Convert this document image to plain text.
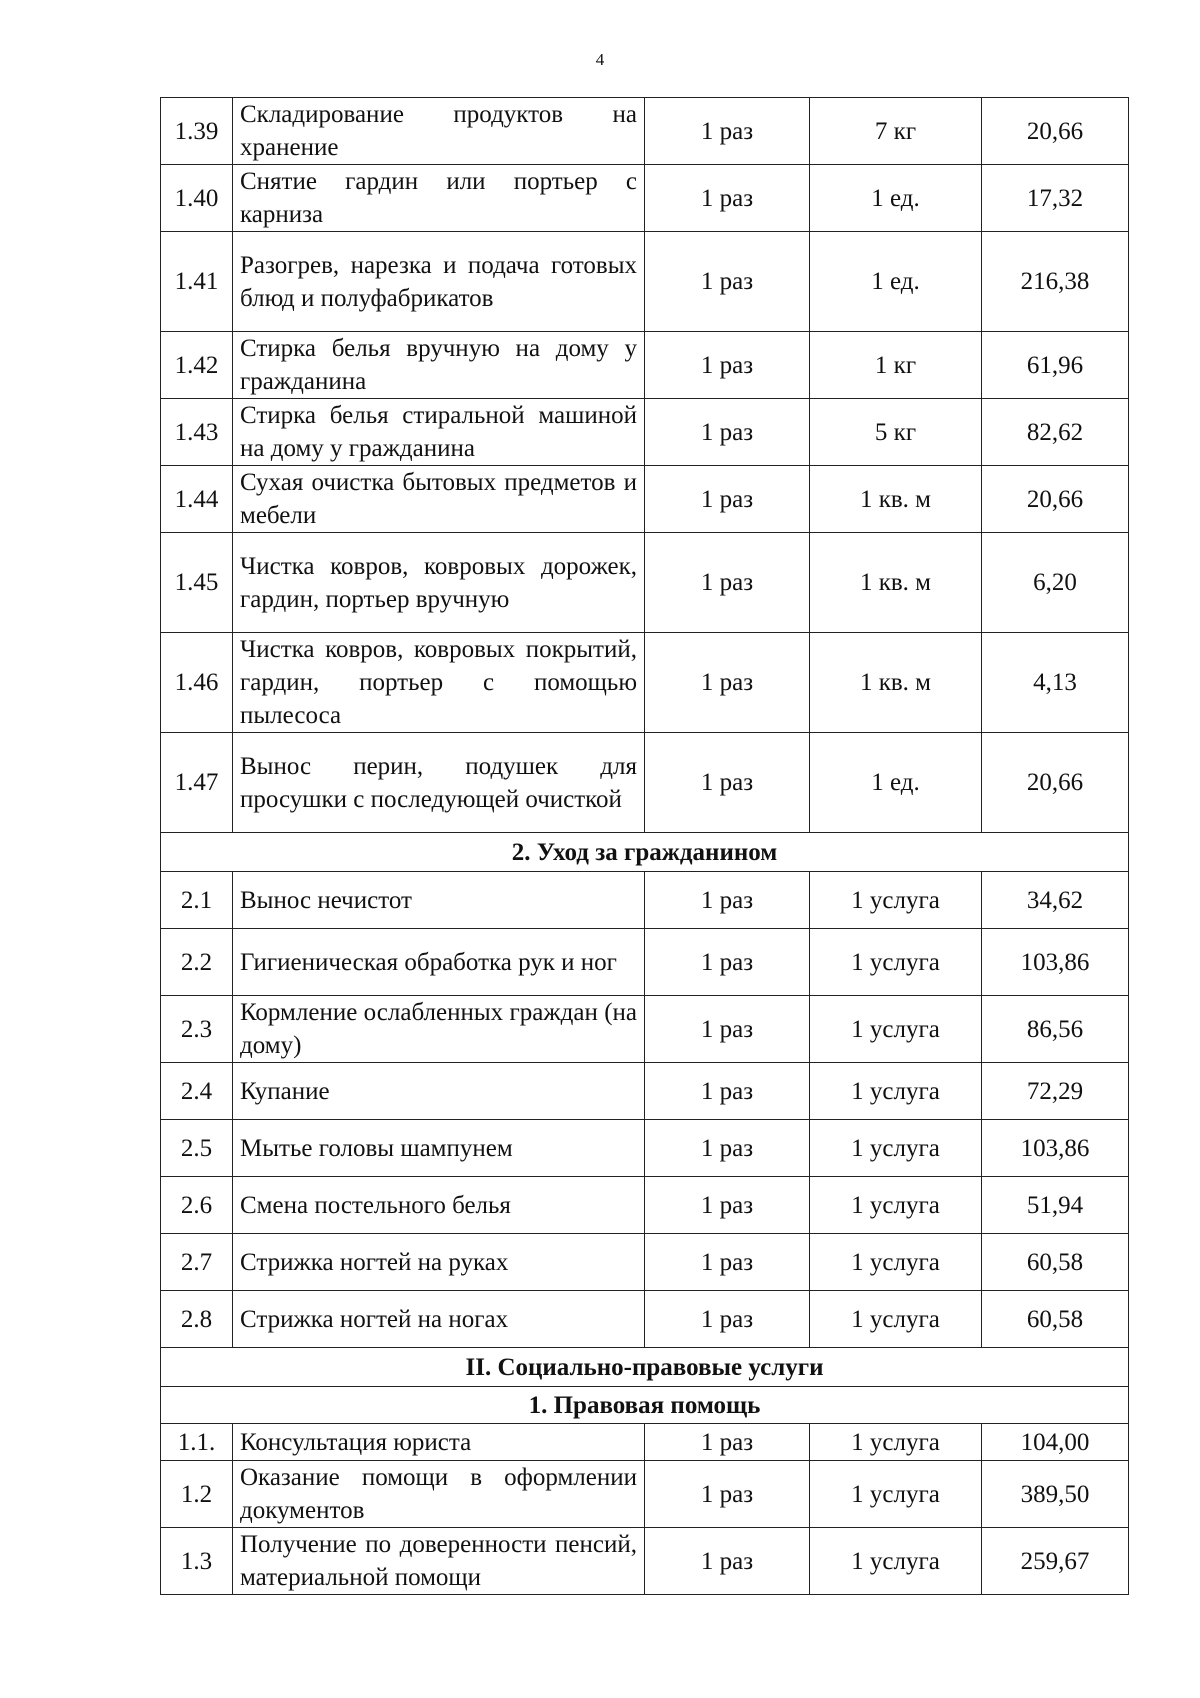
4
1.39	Складирование продуктов на хранение	1 раз	7 кг	20,66
1.40	Снятие гардин или портьер с карниза	1 раз	1 ед.	17,32
1.41	Разогрев, нарезка и подача готовых блюд и полуфабрикатов	1 раз	1 ед.	216,38
1.42	Стирка белья вручную на дому у гражданина	1 раз	1 кг	61,96
1.43	Стирка белья стиральной машиной на дому у гражданина	1 раз	5 кг	82,62
1.44	Сухая очистка бытовых предметов и мебели	1 раз	1 кв. м	20,66
1.45	Чистка ковров, ковровых дорожек, гардин, портьер вручную	1 раз	1 кв. м	6,20
1.46	Чистка ковров, ковровых покрытий, гардин, портьер с помощью пылесоса	1 раз	1 кв. м	4,13
1.47	Вынос перин, подушек для просушки с последующей очисткой	1 раз	1 ед.	20,66
2. Уход за гражданином				
2.1	Вынос нечистот	1 раз	1 услуга	34,62
2.2	Гигиеническая обработка рук и ног	1 раз	1 услуга	103,86
2.3	Кормление ослабленных граждан (на дому)	1 раз	1 услуга	86,56
2.4	Купание	1 раз	1 услуга	72,29
2.5	Мытье головы шампунем	1 раз	1 услуга	103,86
2.6	Смена постельного белья	1 раз	1 услуга	51,94
2.7	Стрижка ногтей на руках	1 раз	1 услуга	60,58
2.8	Стрижка ногтей на ногах	1 раз	1 услуга	60,58
II. Социально-правовые услуги				
1. Правовая помощь				
1.1.	Консультация юриста	1 раз	1 услуга	104,00
1.2	Оказание помощи в оформлении документов	1 раз	1 услуга	389,50
1.3	Получение по доверенности пенсий, материальной помощи	1 раз	1 услуга	259,67
